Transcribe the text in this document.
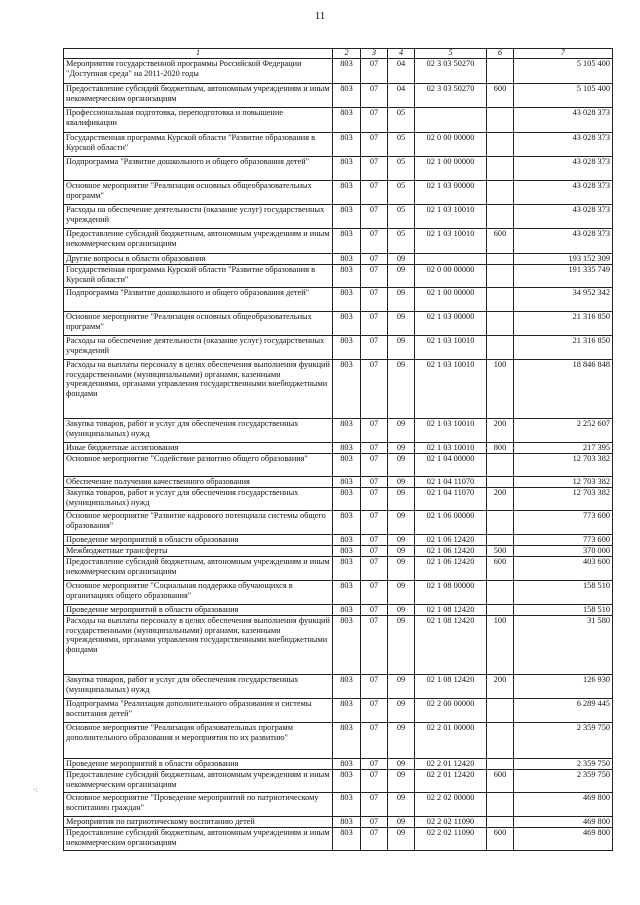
11
·:
1	2	3	4	5	6	7
Мероприятия государственной программы Российской Федерации "Доступная среда" на 2011-2020 годы	803	07	04	02 3 03 50270		5 105 400
Предоставление субсидий бюджетным, автономным учреждениям и иным некоммерческим организациям	803	07	04	02 3 03 50270	600	5 105 400
Профессиональная подготовка, переподготовка и повышение квалификации	803	07	05			43 028 373
Государственная программа Курской области "Развитие образования в Курской области"	803	07	05	02 0 00 00000		43 028 373
Подпрограмма "Развитие дошкольного и общего образования детей"	803	07	05	02 1 00 00000		43 028 373
Основное мероприятие "Реализация основных общеобразовательных программ"	803	07	05	02 1 03 00000		43 028 373
Расходы на обеспечение деятельности (оказание услуг) государственных учреждений	803	07	05	02 1 03 10010		43 028 373
Предоставление субсидий бюджетным, автономным учреждениям и иным некоммерческим организациям	803	07	05	02 1 03 10010	600	43 028 373
Другие вопросы в области образования	803	07	09			193 152 309
Государственная программа Курской области "Развитие образования в Курской области"	803	07	09	02 0 00 00000		191 335 749
Подпрограмма "Развитие дошкольного и общего образования детей"	803	07	09	02 1 00 00000		34 952 342
Основное мероприятие "Реализация основных общеобразовательных программ"	803	07	09	02 1 03 00000		21 316 850
Расходы на обеспечение деятельности (оказание услуг) государственных учреждений	803	07	09	02 1 03 10010		21 316 850
Расходы на выплаты персоналу в целях обеспечения выполнения функций государственными (муниципальными) органами, казенными учреждениями, органами управления государственными внебюджетными фондами	803	07	09	02 1 03 10010	100	18 846 848
Закупка товаров, работ и услуг для обеспечения государственных (муниципальных) нужд	803	07	09	02 1 03 10010	200	2 252 607
Иные бюджетные ассигнования	803	07	09	02 1 03 10010	800	217 395
Основное мероприятие "Содействие развитию общего образования"	803	07	09	02 1 04 00000		12 703 382
Обеспечение получения качественного образования	803	07	09	02 1 04 11070		12 703 382
Закупка товаров, работ и услуг для обеспечения государственных (муниципальных) нужд	803	07	09	02 1 04 11070	200	12 703 382
Основное мероприятие "Развитие кадрового потенциала системы общего образования"	803	07	09	02 1 06 00000		773 600
Проведение мероприятий в области образования	803	07	09	02 1 06 12420		773 600
Межбюджетные трансферты	803	07	09	02 1 06 12420	500	370 000
Предоставление субсидий бюджетным, автономным учреждениям и иным некоммерческим организациям	803	07	09	02 1 06 12420	600	403 600
Основное мероприятие "Социальная поддержка обучающихся в организациях общего образования"	803	07	09	02 1 08 00000		158 510
Проведение мероприятий в области образования	803	07	09	02 1 08 12420		158 510
Расходы на выплаты персоналу в целях обеспечения выполнения функций государственными (муниципальными) органами, казенными учреждениями, органами управления государственными внебюджетными фондами	803	07	09	02 1 08 12420	100	31 580
Закупка товаров, работ и услуг для обеспечения государственных (муниципальных) нужд	803	07	09	02 1 08 12420	200	126 930
Подпрограмма "Реализация дополнительного образования и системы воспитания детей"	803	07	09	02 2 00 00000		6 289 445
Основное мероприятие "Реализация образовательных программ дополнительного образования и мероприятия по их развитию"	803	07	09	02 2 01 00000		2 359 750
Проведение мероприятий в области образования	803	07	09	02 2 01 12420		2 359 750
Предоставление субсидий бюджетным, автономным учреждениям и иным некоммерческим организациям	803	07	09	02 2 01 12420	600	2 359 750
Основное мероприятие "Проведение мероприятий по патриотическому воспитанию граждан"	803	07	09	02 2 02 00000		469 800
Мероприятия по патриотическому воспитанию детей	803	07	09	02 2 02 11090		469 800
Предоставление субсидий бюджетным, автономным учреждениям и иным некоммерческим организациям	803	07	09	02 2 02 11090	600	469 800
